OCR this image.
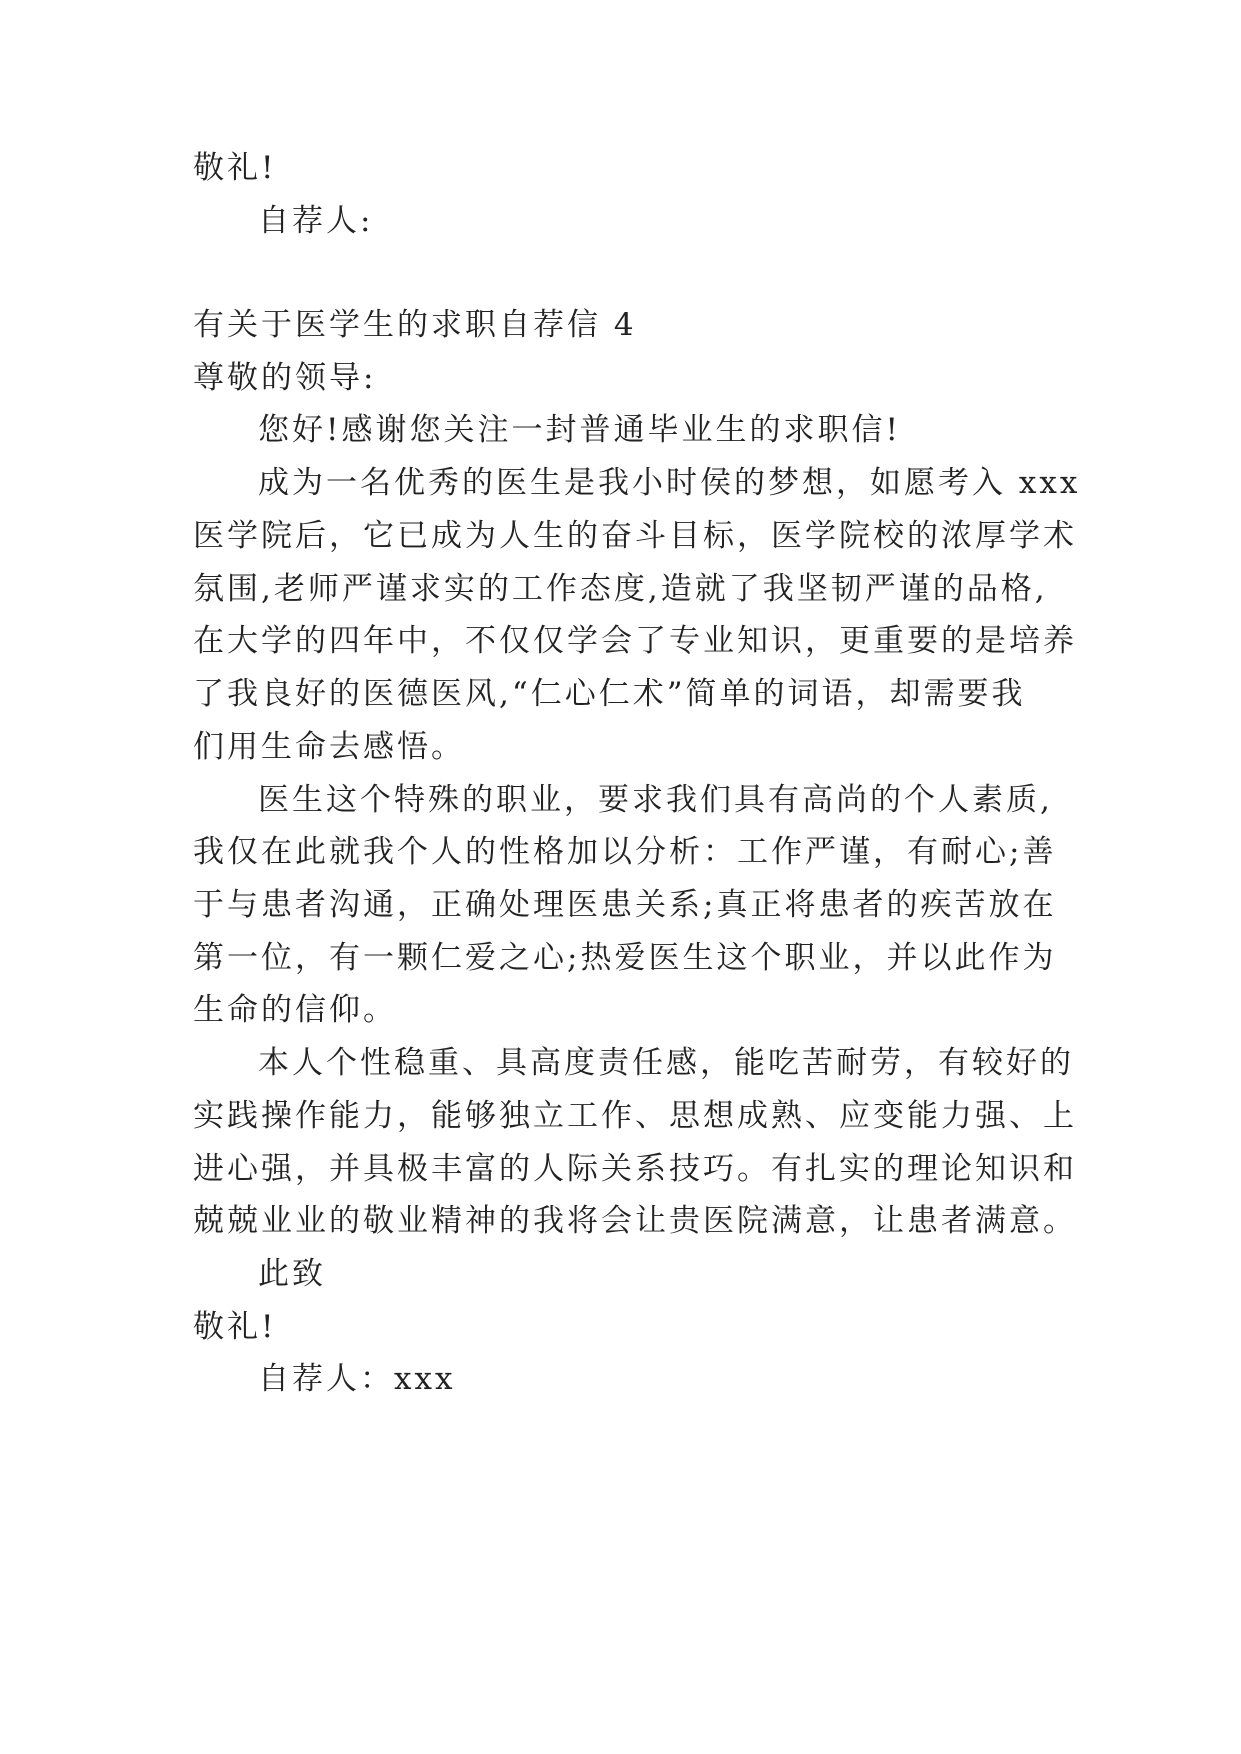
敬礼!
自荐人:
有关于医学生的求职自荐信 4
尊敬的领导:
您好!感谢您关注一封普通毕业生的求职信!
成为一名优秀的医生是我小时侯的梦想，如愿考入 xxx
医学院后，它已成为人生的奋斗目标，医学院校的浓厚学术
氛围,老师严谨求实的工作态度,造就了我坚韧严谨的品格,
在大学的四年中，不仅仅学会了专业知识，更重要的是培养
了我良好的医德医风,“仁心仁术”简单的词语，却需要我
们用生命去感悟。
医生这个特殊的职业，要求我们具有高尚的个人素质,
我仅在此就我个人的性格加以分析：工作严谨，有耐心;善
于与患者沟通，正确处理医患关系;真正将患者的疾苦放在
第一位，有一颗仁爱之心;热爱医生这个职业，并以此作为
生命的信仰。
本人个性稳重、具高度责任感，能吃苦耐劳，有较好的
实践操作能力，能够独立工作、思想成熟、应变能力强、上
进心强，并具极丰富的人际关系技巧。有扎实的理论知识和
兢兢业业的敬业精神的我将会让贵医院满意，让患者满意。
此致
敬礼!
自荐人：xxx
